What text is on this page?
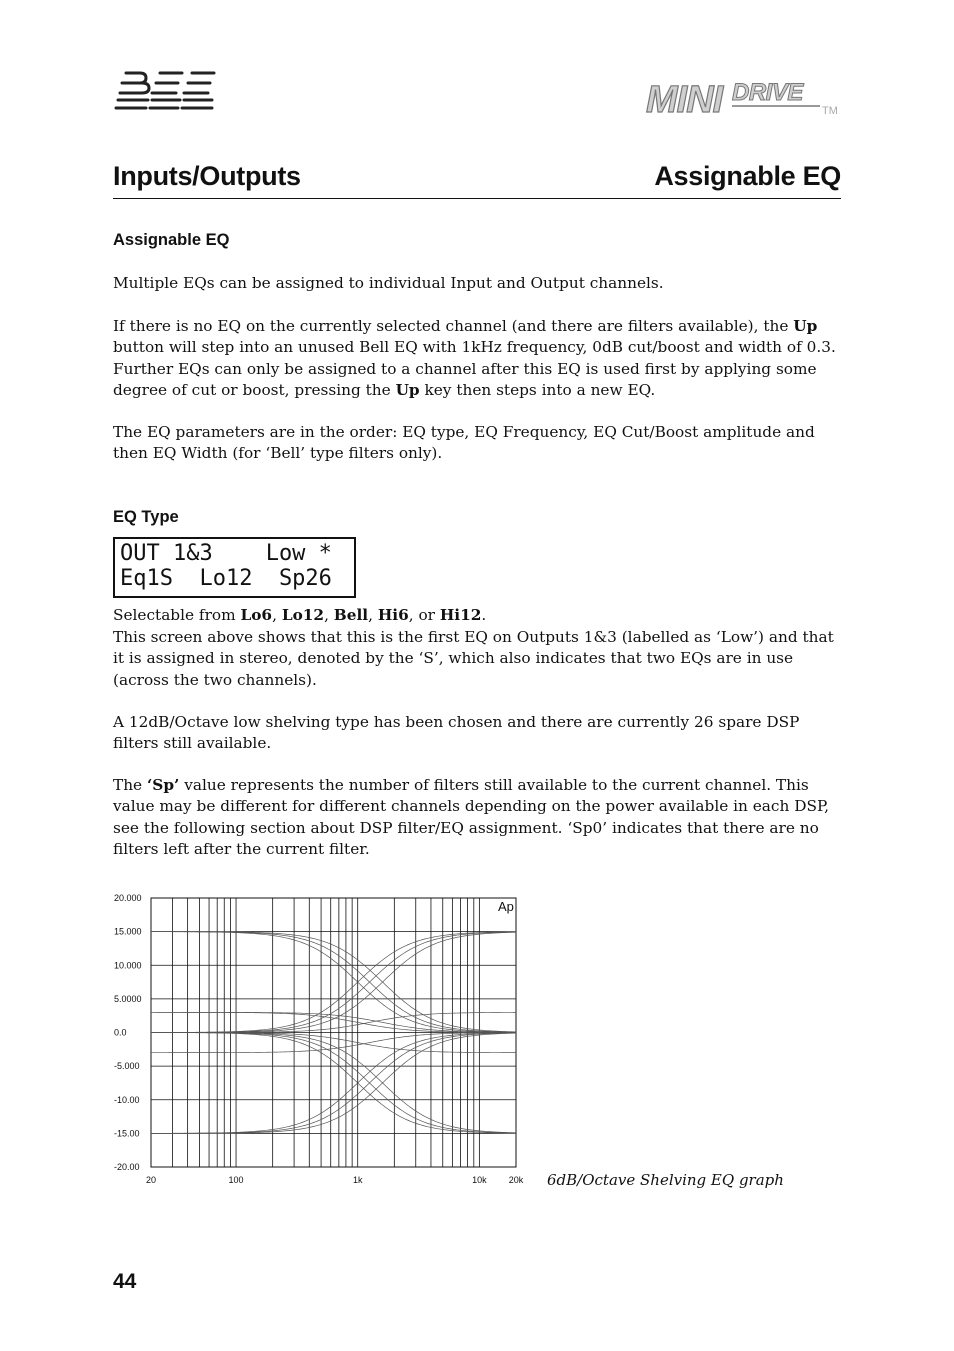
MINI DRIVE
TM
Inputs/Outputs	Assignable EQ
Assignable EQ
Multiple EQs can be assigned to individual Input and Output channels.
If there is no EQ on the currently selected channel (and there are filters available), the Up button will step into an unused Bell EQ with 1kHz frequency, 0dB cut/boost and width of 0.3. Further EQs can only be assigned to a channel after this EQ is used first by applying some degree of cut or boost, pressing the Up key then steps into a new EQ.
The EQ parameters are in the order: EQ type, EQ Frequency, EQ Cut/Boost amplitude and then EQ Width (for ‘Bell’ type filters only).
EQ Type
OUT 1&3    Low *
Eq1S  Lo12  Sp26
Selectable from Lo6, Lo12, Bell, Hi6, or Hi12.
This screen above shows that this is the first EQ on Outputs 1&3 (labelled as ‘Low’) and that it is assigned in stereo, denoted by the ‘S’, which also indicates that two EQs are in use (across the two channels).
A 12dB/Octave low shelving type has been chosen and there are currently 26 spare DSP filters still available.
The ‘Sp’ value represents the number of filters still available to the current channel. This value may be different for different channels depending on the power available in each DSP, see the following section about DSP filter/EQ assignment. ‘Sp0’ indicates that there are no filters left after the current filter.
20.000
15.000
10.000
5.0000
0.0
-5.000
-10.00
-15.00
-20.00
20	100	1k	10k 20k
Ap
6dB/Octave Shelving EQ graph
44
